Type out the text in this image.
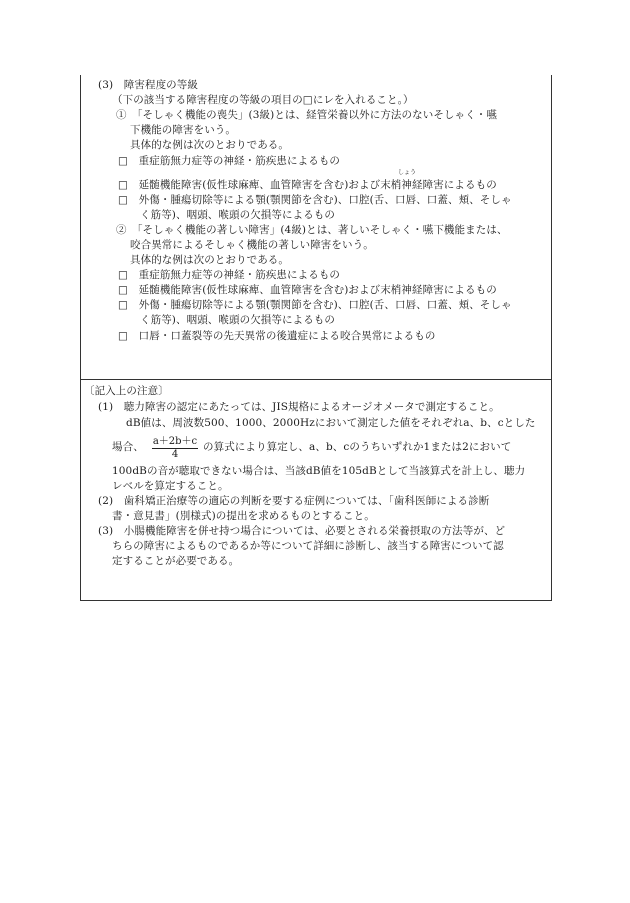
(3)　障害程度の等級
（下の該当する障害程度の等級の項目の□にレを入れること。）
①　「そしゃく機能の喪失」(3級)とは、経管栄養以外に方法のないそしゃく・嚥
下機能の障害をいう。
具体的な例は次のとおりである。
□　重症筋無力症等の神経・筋疾患によるもの
しょう
□　延髄機能障害(仮性球麻痺、血管障害を含む)および末梢神経障害によるもの
□　外傷・腫瘍切除等による顎(顎関節を含む)、口腔(舌、口唇、口蓋、頬、そしゃ
く筋等)、咽頭、喉頭の欠損等によるもの
②　「そしゃく機能の著しい障害」(4級)とは、著しいそしゃく・嚥下機能または、
咬合異常によるそしゃく機能の著しい障害をいう。
具体的な例は次のとおりである。
□　重症筋無力症等の神経・筋疾患によるもの
□　延髄機能障害(仮性球麻痺、血管障害を含む)および末梢神経障害によるもの
□　外傷・腫瘍切除等による顎(顎関節を含む)、口腔(舌、口唇、口蓋、頬、そしゃ
く筋等)、咽頭、喉頭の欠損等によるもの
□　口唇・口蓋裂等の先天異常の後遺症による咬合異常によるもの
〔記入上の注意〕
(1)　聴力障害の認定にあたっては、JIS規格によるオージオメータで測定すること。
dB値は、周波数500、1000、2000Hzにおいて測定した値をそれぞれa、b、cとした
場合、 a＋2b＋c
4
の算式により算定し、a、b、cのうちいずれか1または2において
100dBの音が聴取できない場合は、当該dB値を105dBとして当該算式を計上し、聴力
レベルを算定すること。
(2)　歯科矯正治療等の適応の判断を要する症例については、「歯科医師による診断
書・意見書」(別様式)の提出を求めるものとすること。
(3)　小腸機能障害を併せ持つ場合については、必要とされる栄養摂取の方法等が、ど
ちらの障害によるものであるか等について詳細に診断し、該当する障害について認
定することが必要である。
